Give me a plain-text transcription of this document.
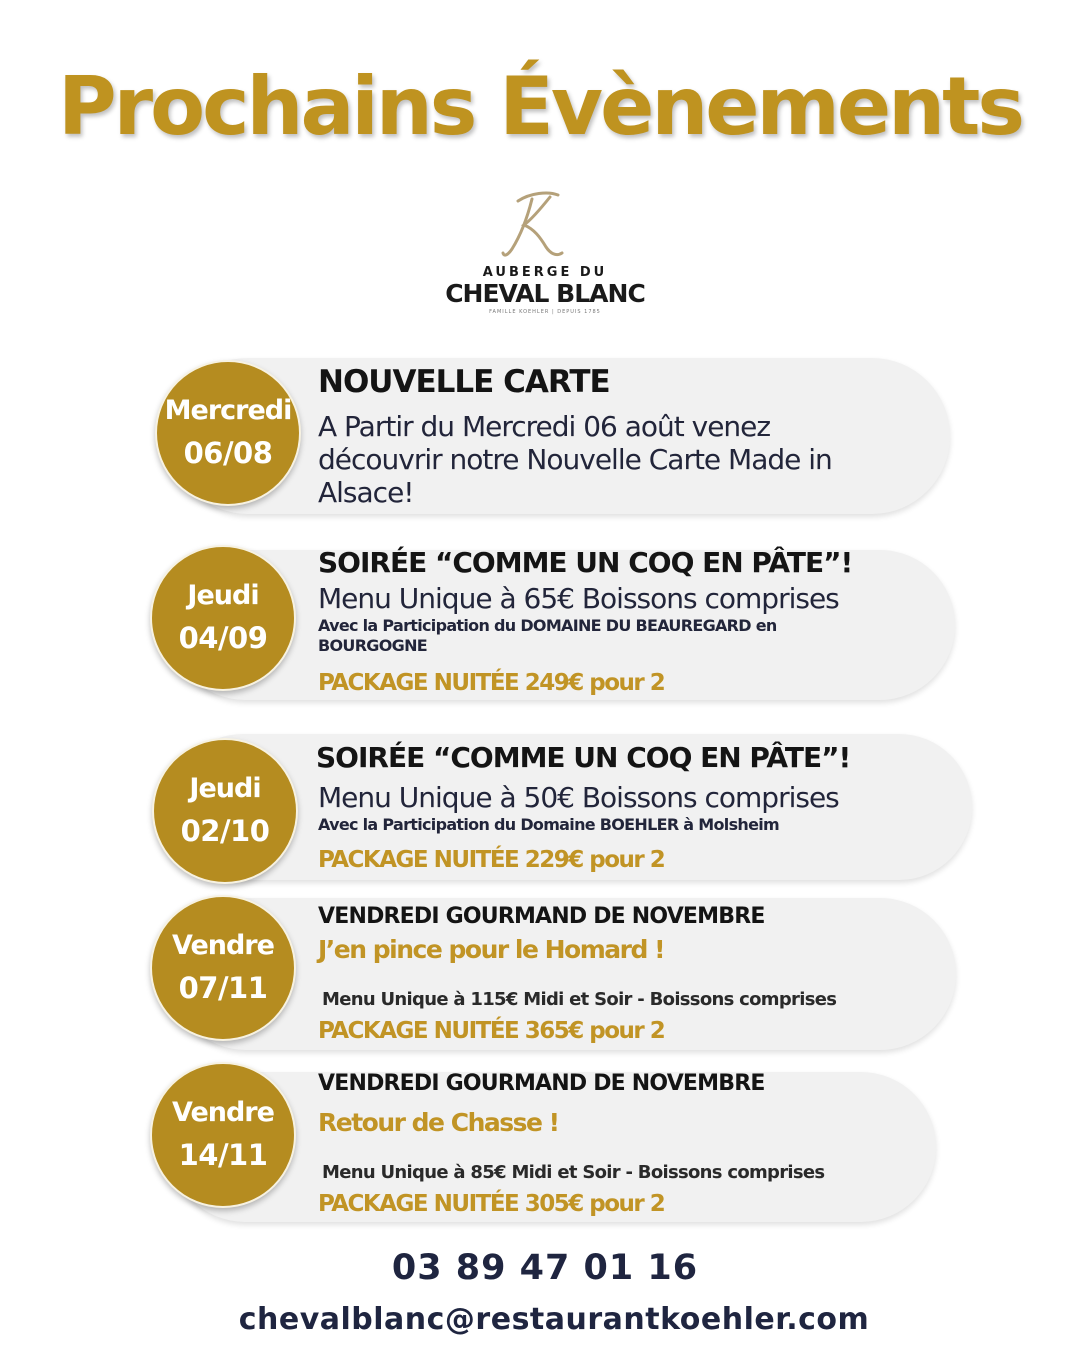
Prochains Évènements
AUBERGE DU
CHEVAL BLANC
FAMILLE KOEHLER | DEPUIS 1785
Mercredi
06/08
NOUVELLE CARTE
A Partir du Mercredi 06 août venez
découvrir notre Nouvelle Carte Made in
Alsace!
Jeudi
04/09
SOIRÉE “COMME UN COQ EN PÂTE”!
Menu Unique à 65€ Boissons comprises
Avec la Participation du DOMAINE DU BEAUREGARD en
BOURGOGNE
PACKAGE NUITÉE 249€ pour 2
Jeudi
02/10
SOIRÉE “COMME UN COQ EN PÂTE”!
Menu Unique à 50€ Boissons comprises
Avec la Participation du Domaine BOEHLER à Molsheim
PACKAGE NUITÉE 229€ pour 2
Vendre
07/11
VENDREDI GOURMAND DE NOVEMBRE
J’en pince pour le Homard !
Menu Unique à 115€ Midi et Soir - Boissons comprises
PACKAGE NUITÉE 365€ pour 2
Vendre
14/11
VENDREDI GOURMAND DE NOVEMBRE
Retour de Chasse !
Menu Unique à 85€ Midi et Soir - Boissons comprises
PACKAGE NUITÉE 305€ pour 2
03 89 47 01 16
chevalblanc@restaurantkoehler.com
